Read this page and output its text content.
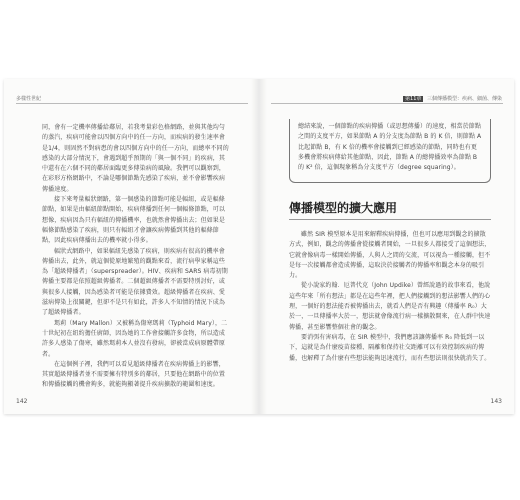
多樣性世紀

同，會有一定機率傳播給鄰居，若我考量彩色格網路，並與其他均勻的蒸汽，疾病可能會以四個方向中的任一方向，而疾病的發生速率會是1/4，則固然不對病患的會以四個方向中的任一方向，而總率不同的感染的大部分情況下，會遇到超乎預期的「與一個不同」的疾病，其中還有在六個不同的鄰居面臨更多傳染病的風險。我們可以觀察到，在彩形方格網路中，不論是哪個節點先感染了疾病，並不會影響疾病傳播速度。

接下來考量輻狀網路，第一個感染的節點可能是輻紐，或是輻條節點，如果是由輻紐節點開始，疾病傳播到任何一個輻條節點，可以想像，疾病因為只有輻紐的傳播機率，也就然會傳播出去；但如果是輻條節點感染了疾病，則只有輻紐才會讓疾病傳播到其他的輻條節點，因此疾病傳播出去的機率就小得多。

輻狀式網路中，如果輻紐先感染了疾病，則疾病有很高的機率會傳播出去，此外，就這個從原地繁殖的觀點來看，流行病學家稱這些為「超級傳播者」（superspreader）。HIV、疾病和 SARS 病毒初期傳播主要都是依照超級傳播者。二個超級傳播者不需要特別討好，或與很多人接觸，因為感染者可能是依據費效。超級傳播者在疾病、愛滋病傳染上很關鍵，但卻不是只有如此，許多人不知情的情況下成為了超級傳播者。

瑪莉（Mary Mallon）又被稱為傷寒瑪莉（Typhoid Mary），二十世紀初在紐約擔任廚師，因為她的工作會接觸許多食物，所以造成許多人感染了傷寒，雖然瑪莉本人並沒有發病，卻被當成病原體帶原者。

在這個例子裡，我們可以看見超級傳播者在疾病傳播上的影響，其實超級傳播者並不需要擁有特別多的鄰居，只要他在網路中的位置和傳播接觸的機會夠多，就能夠顯著提升疾病擴散的範圍和速度。

142
第11章 三個傳播模型：疾病、細菌、傳染

總結來說，一個節點的疾病傳播（或思想傳播）的速度，相當於節點之間的支度平方，如果節點 A 的分支度為節點 B 的 K 倍，則節點 A 比起節點 B，有 K 倍的機率會接觸到已經感染的節點，同時也有更多機會將疾病傳給其他節點，因此，節點 A 的總傳播效率為節點 B 的 K² 倍，這個現象稱為分支度平方（degree squaring）。

傳播模型的擴大應用

雖然 SIR 模型原本是用來解釋疾病傳播，但也可以應用到觀念的擴散方式，例如，觀念的傳播會從接觸者開始，一旦很多人都接受了這個想法，它就會像病毒一樣開始傳播，人與人之間的交流，可以視為一種接觸，但不是每一次接觸都會造成傳播，這取決於接觸者的傳播率和觀念本身的吸引力。

從小說家約翰．厄普代克（John Updike）曾經說過的故事來看，他說這些年來「所有想法」都是在這些年裡，把人們接觸到的想法影響人們的心理，一個好的想法能否被傳播出去，就看人們是否有興趣（傳播率 R₀）大於一，一旦傳播率大於一，想法就會像流行病一樣擴散開來，在人群中快速傳播，甚至影響整個社會的觀念。

要消弭有害病毒，在 SIR 模型中，我們應該讓傳播率 R₀ 降低到一以下，這就是為什麼疫苗接種、隔離和保持社交距離可以有效控制疾病的傳播，也解釋了為什麼有些想法能夠迅速流行，而有些想法則很快就消失了。

143
